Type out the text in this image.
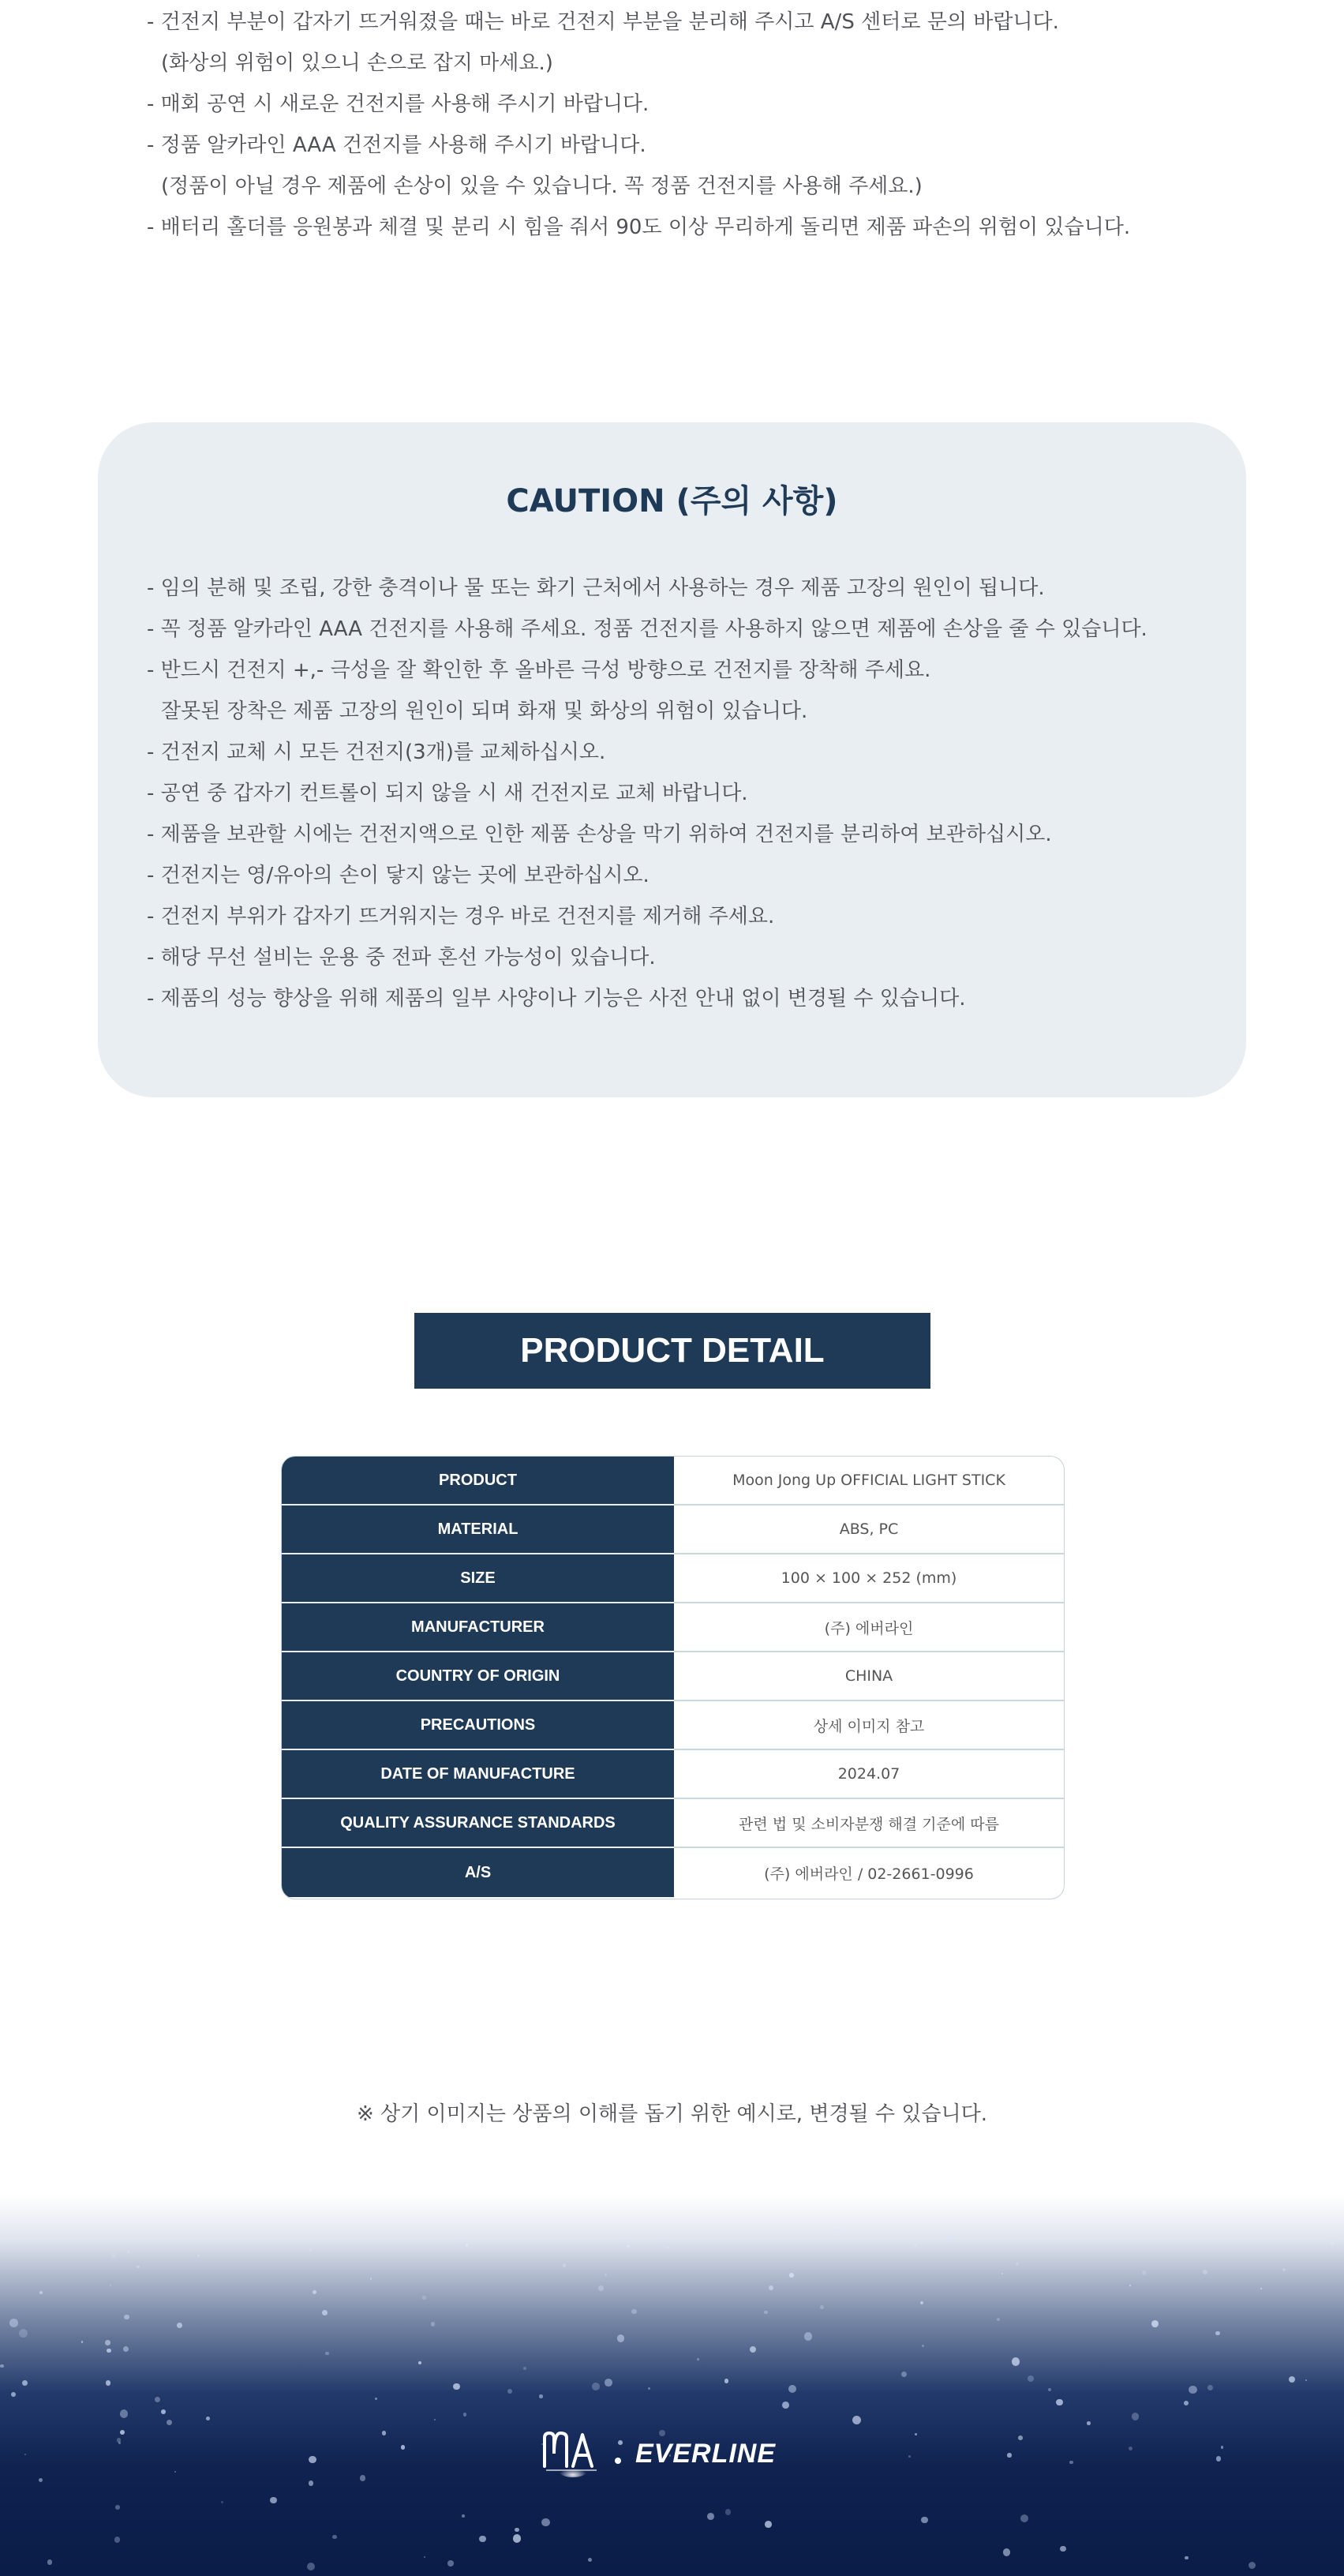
- 건전지 부분이 갑자기 뜨거워졌을 때는 바로 건전지 부분을 분리해 주시고 A/S 센터로 문의 바랍니다.

(화상의 위험이 있으니 손으로 잡지 마세요.)

- 매회 공연 시 새로운 건전지를 사용해 주시기 바랍니다.

- 정품 알카라인 AAA 건전지를 사용해 주시기 바랍니다.

(정품이 아닐 경우 제품에 손상이 있을 수 있습니다. 꼭 정품 건전지를 사용해 주세요.)

- 배터리 홀더를 응원봉과 체결 및 분리 시 힘을 줘서 90도 이상 무리하게 돌리면 제품 파손의 위험이 있습니다.

CAUTION (주의 사항)

- 임의 분해 및 조립, 강한 충격이나 물 또는 화기 근처에서 사용하는 경우 제품 고장의 원인이 됩니다.

- 꼭 정품 알카라인 AAA 건전지를 사용해 주세요. 정품 건전지를 사용하지 않으면 제품에 손상을 줄 수 있습니다.

- 반드시 건전지 +,- 극성을 잘 확인한 후 올바른 극성 방향으로 건전지를 장착해 주세요.

잘못된 장착은 제품 고장의 원인이 되며 화재 및 화상의 위험이 있습니다.

- 건전지 교체 시 모든 건전지(3개)를 교체하십시오.

- 공연 중 갑자기 컨트롤이 되지 않을 시 새 건전지로 교체 바랍니다.

- 제품을 보관할 시에는 건전지액으로 인한 제품 손상을 막기 위하여 건전지를 분리하여 보관하십시오.

- 건전지는 영/유아의 손이 닿지 않는 곳에 보관하십시오.

- 건전지 부위가 갑자기 뜨거워지는 경우 바로 건전지를 제거해 주세요.

- 해당 무선 설비는 운용 중 전파 혼선 가능성이 있습니다.

- 제품의 성능 향상을 위해 제품의 일부 사양이나 기능은 사전 안내 없이 변경될 수 있습니다.

PRODUCT DETAIL
PRODUCT	Moon Jong Up OFFICIAL LIGHT STICK
MATERIAL	ABS, PC
SIZE	100 × 100 × 252 (mm)
MANUFACTURER	(주) 에버라인
COUNTRY OF ORIGIN	CHINA
PRECAUTIONS	상세 이미지 참고
DATE OF MANUFACTURE	2024.07
QUALITY ASSURANCE STANDARDS	관련 법 및 소비자분쟁 해결 기준에 따름
A/S	(주) 에버라인 / 02-2661-0996

※ 상기 이미지는 상품의 이해를 돕기 위한 예시로, 변경될 수 있습니다.

EVERLINE
